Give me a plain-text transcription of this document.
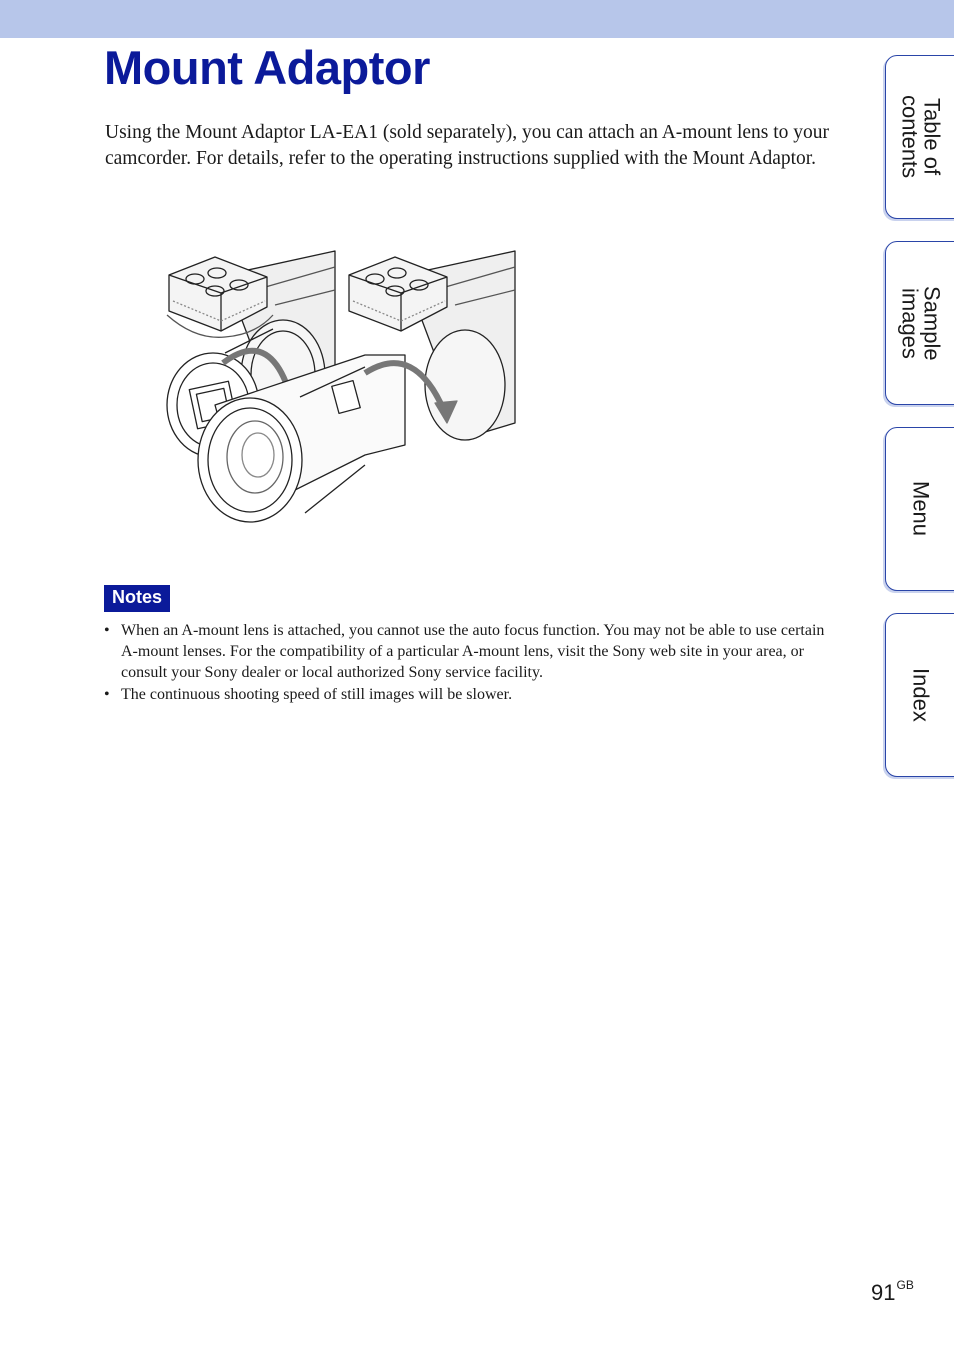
Mount Adaptor

Using the Mount Adaptor LA-EA1 (sold separately), you can attach an A-mount lens to your camcorder. For details, refer to the operating instructions supplied with the Mount Adaptor.

Notes
• When an A-mount lens is attached, you cannot use the auto focus function. You may not be able to use certain A-mount lenses. For the compatibility of a particular A-mount lens, visit the Sony web site in your area, or consult your Sony dealer or local authorized Sony service facility.
• The continuous shooting speed of still images will be slower.
Table of
contents
Sample
images
Menu
Index
$91^{GB}$
